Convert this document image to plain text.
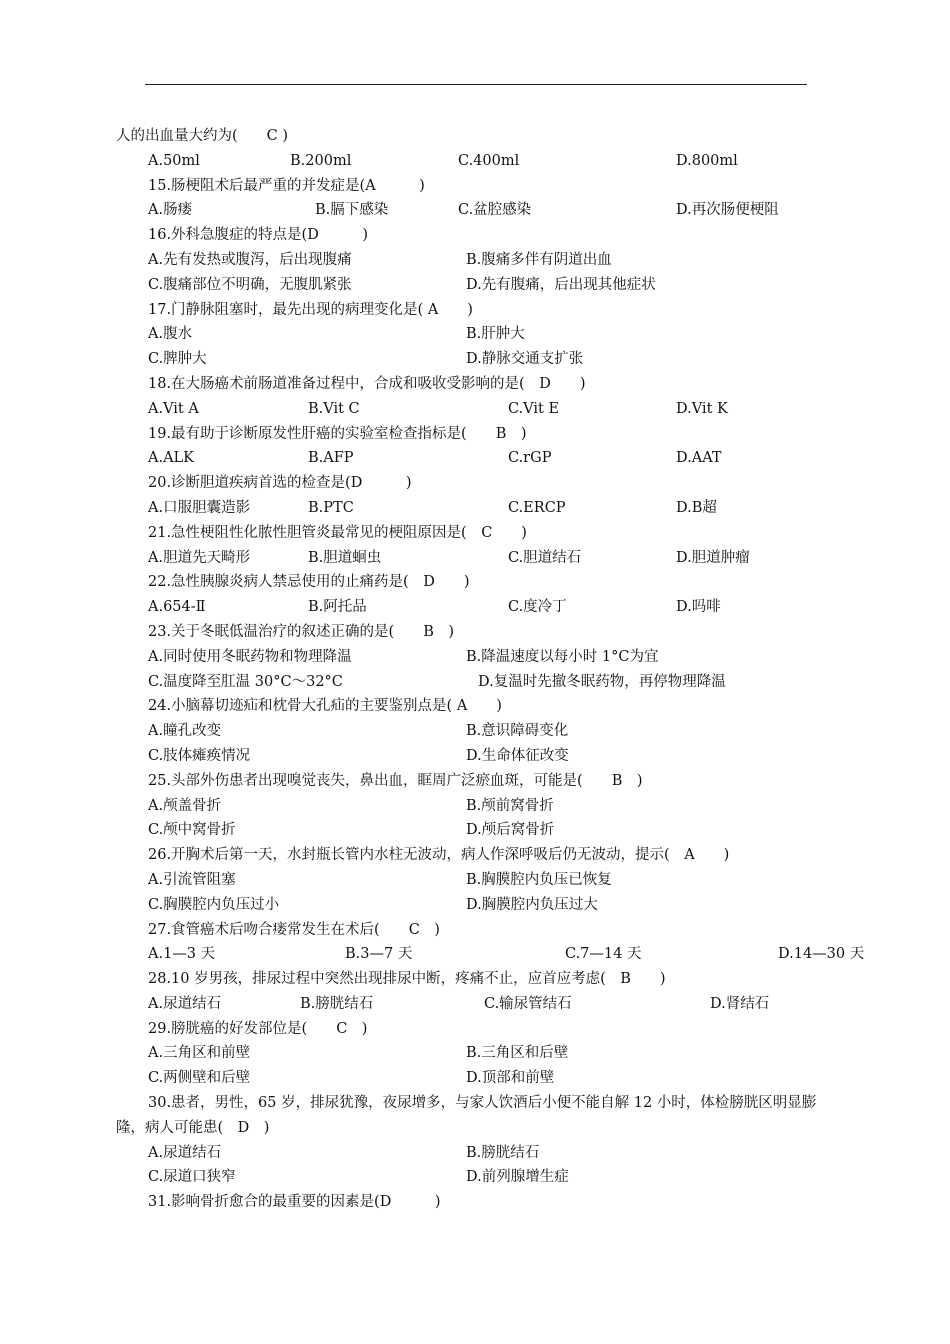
人的出血量大约为(　　C )
A.50ml	B.200ml	C.400ml	D.800ml
15.肠梗阻术后最严重的并发症是(A　　　)
A.肠瘘	B.膈下感染	C.盆腔感染	D.再次肠便梗阻
16.外科急腹症的特点是(D　　　)
A.先有发热或腹泻，后出现腹痛	B.腹痛多伴有阴道出血
C.腹痛部位不明确，无腹肌紧张	D.先有腹痛，后出现其他症状
17.门静脉阻塞时，最先出现的病理变化是( A　　)
A.腹水	B.肝肿大
C.脾肿大	D.静脉交通支扩张
18.在大肠癌术前肠道准备过程中，合成和吸收受影响的是(　D　　)
A.Vit A	B.Vit C	C.Vit E	D.Vit K
19.最有助于诊断原发性肝癌的实验室检查指标是(　　B　)
A.ALK	B.AFP	C.rGP	D.AAT
20.诊断胆道疾病首选的检查是(D　　　)
A.口服胆囊造影	B.PTC	C.ERCP	D.B超
21.急性梗阻性化脓性胆管炎最常见的梗阻原因是(　C　　)
A.胆道先天畸形	B.胆道蛔虫	C.胆道结石	D.胆道肿瘤
22.急性胰腺炎病人禁忌使用的止痛药是(　D　　)
A.654-Ⅱ	B.阿托品	C.度冷丁	D.吗啡
23.关于冬眠低温治疗的叙述正确的是(　　B　)
A.同时使用冬眠药物和物理降温	B.降温速度以每小时 1°C为宜
C.温度降至肛温 30°C～32°C	D.复温时先撤冬眠药物，再停物理降温
24.小脑幕切迹疝和枕骨大孔疝的主要鉴别点是( A　　)
A.瞳孔改变	B.意识障碍变化
C.肢体瘫痪情况	D.生命体征改变
25.头部外伤患者出现嗅觉丧失，鼻出血，眶周广泛瘀血斑，可能是(　　B　)
A.颅盖骨折	B.颅前窝骨折
C.颅中窝骨折	D.颅后窝骨折
26.开胸术后第一天，水封瓶长管内水柱无波动，病人作深呼吸后仍无波动，提示(　A　　)
A.引流管阻塞	B.胸膜腔内负压已恢复
C.胸膜腔内负压过小	D.胸膜腔内负压过大
27.食管癌术后吻合瘘常发生在术后(　　C　)
A.1—3 天	B.3—7 天	C.7—14 天	D.14—30 天
28.10 岁男孩，排尿过程中突然出现排尿中断，疼痛不止，应首应考虑(　B　　)
A.尿道结石	B.膀胱结石	C.输尿管结石	D.肾结石
29.膀胱癌的好发部位是(　　C　)
A.三角区和前壁	B.三角区和后壁
C.两侧壁和后壁	D.顶部和前壁
30.患者，男性，65 岁，排尿犹豫，夜尿增多，与家人饮酒后小便不能自解 12 小时，体检膀胱区明显膨
隆，病人可能患(　D　)
A.尿道结石	B.膀胱结石
C.尿道口狭窄	D.前列腺增生症
31.影响骨折愈合的最重要的因素是(D　　　)
